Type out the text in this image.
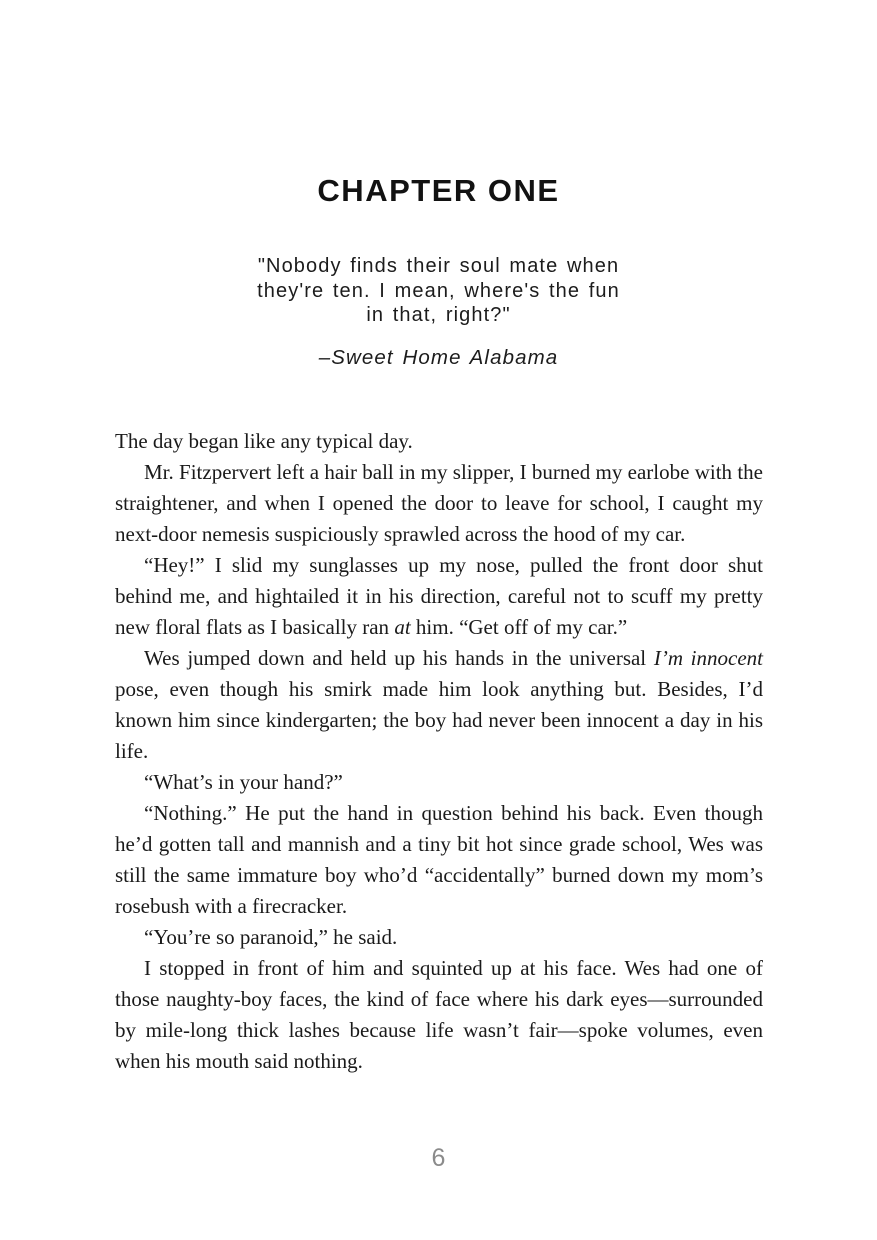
CHAPTER ONE
"Nobody finds their soul mate when
they're ten. I mean, where's the fun
in that, right?"
–Sweet Home Alabama

The day began like any typical day.

Mr. Fitzpervert left a hair ball in my slipper, I burned my earlobe with the straightener, and when I opened the door to leave for school, I caught my next-door nemesis suspiciously sprawled across the hood of my car.

“Hey!” I slid my sunglasses up my nose, pulled the front door shut behind me, and hightailed it in his direction, careful not to scuff my pretty new floral flats as I basically ran at him. “Get off of my car.”

Wes jumped down and held up his hands in the universal I’m innocent pose, even though his smirk made him look anything but. Besides, I’d known him since kindergarten; the boy had never been innocent a day in his life.

“What’s in your hand?”

“Nothing.” He put the hand in question behind his back. Even though he’d gotten tall and mannish and a tiny bit hot since grade school, Wes was still the same immature boy who’d “accidentally” burned down my mom’s rosebush with a firecracker.

“You’re so paranoid,” he said.

I stopped in front of him and squinted up at his face. Wes had one of those naughty-boy faces, the kind of face where his dark eyes—surrounded by mile-long thick lashes because life wasn’t fair—spoke volumes, even when his mouth said nothing.

6
